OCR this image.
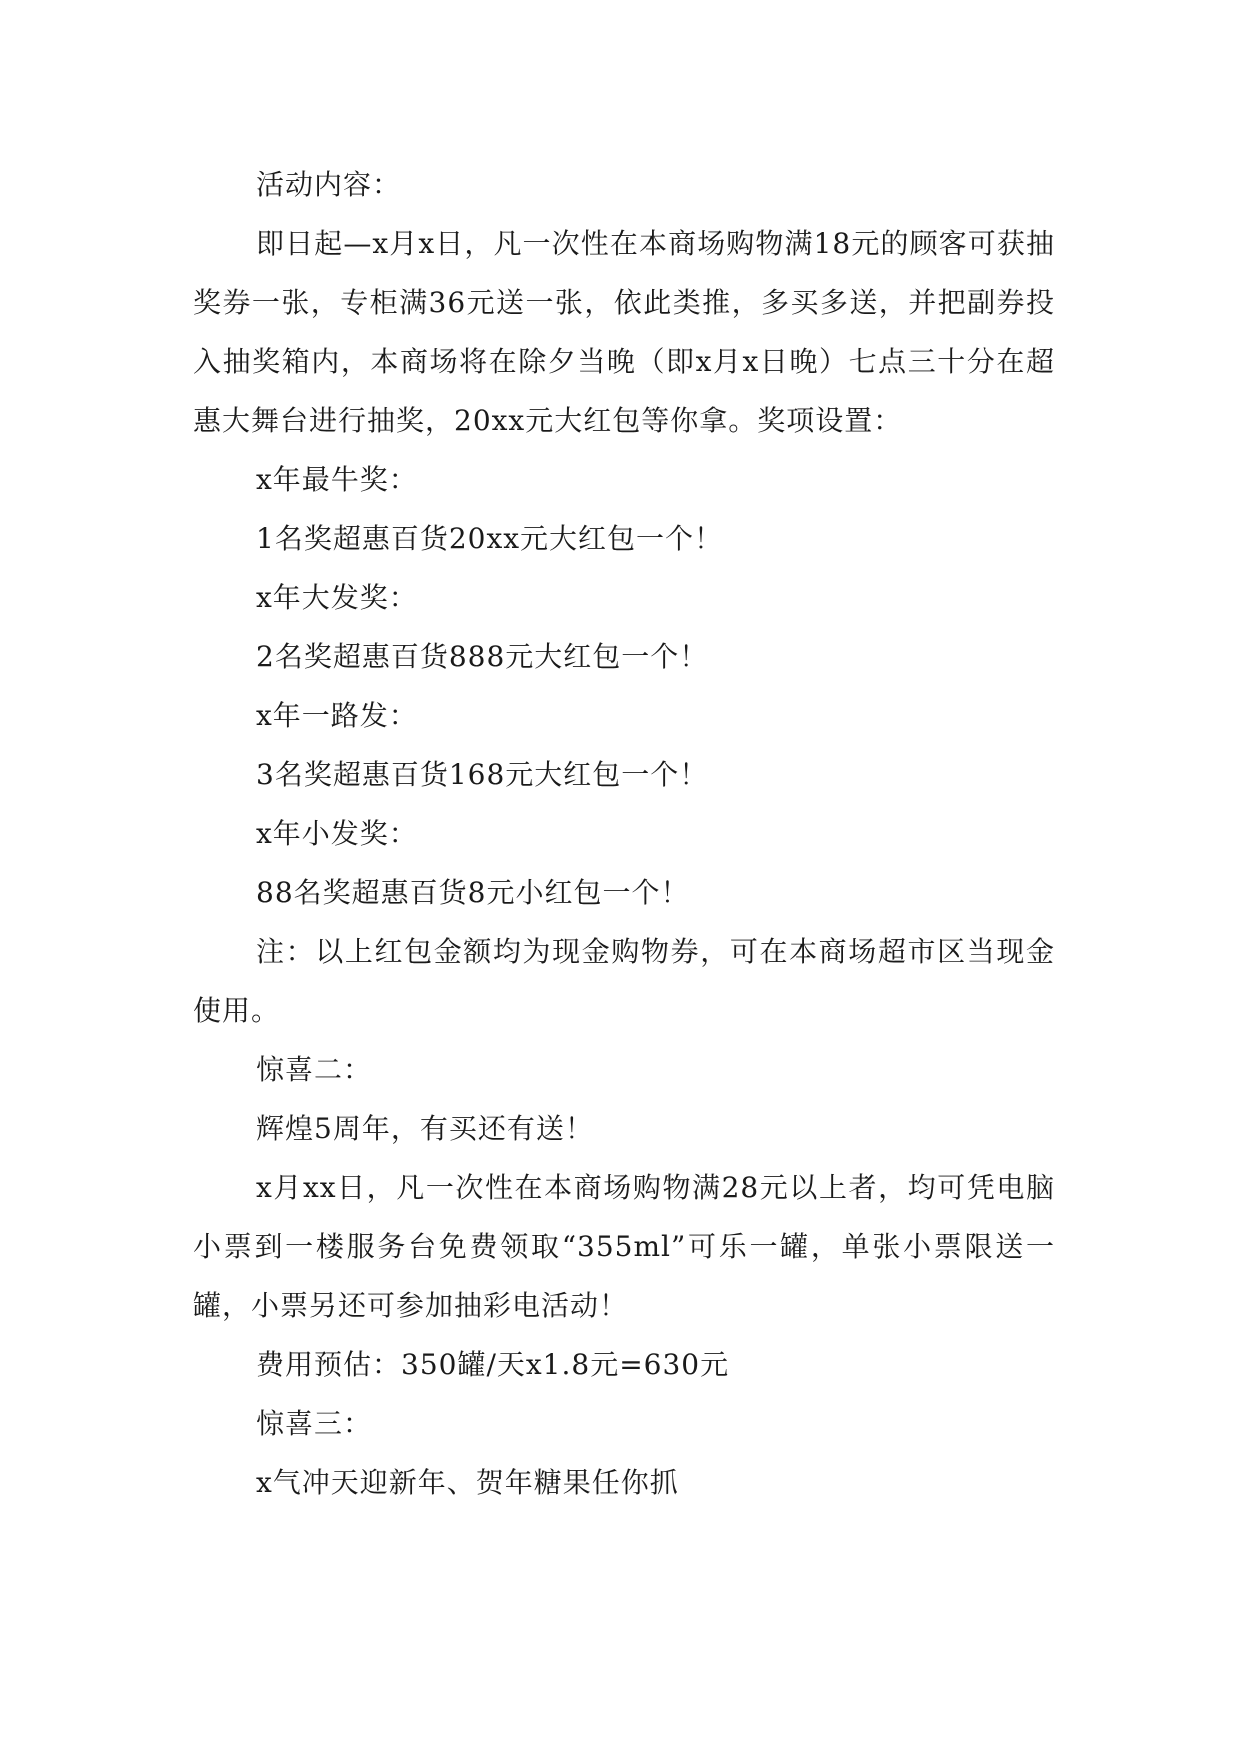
活动内容：

即日起—x月x日，凡一次性在本商场购物满18元的顾客可获抽奖券一张，专柜满36元送一张，依此类推，多买多送，并把副券投入抽奖箱内，本商场将在除夕当晚（即x月x日晚）七点三十分在超惠大舞台进行抽奖，20xx元大红包等你拿。奖项设置：

x年最牛奖：

1名奖超惠百货20xx元大红包一个！

x年大发奖：

2名奖超惠百货888元大红包一个！

x年一路发：

3名奖超惠百货168元大红包一个！

x年小发奖：

88名奖超惠百货8元小红包一个！

注：以上红包金额均为现金购物券，可在本商场超市区当现金使用。

惊喜二：

辉煌5周年，有买还有送！

x月xx日，凡一次性在本商场购物满28元以上者，均可凭电脑小票到一楼服务台免费领取“355ml”可乐一罐，单张小票限送一罐，小票另还可参加抽彩电活动！

费用预估：350罐/天x1.8元=630元

惊喜三：

x气冲天迎新年、贺年糖果任你抓
